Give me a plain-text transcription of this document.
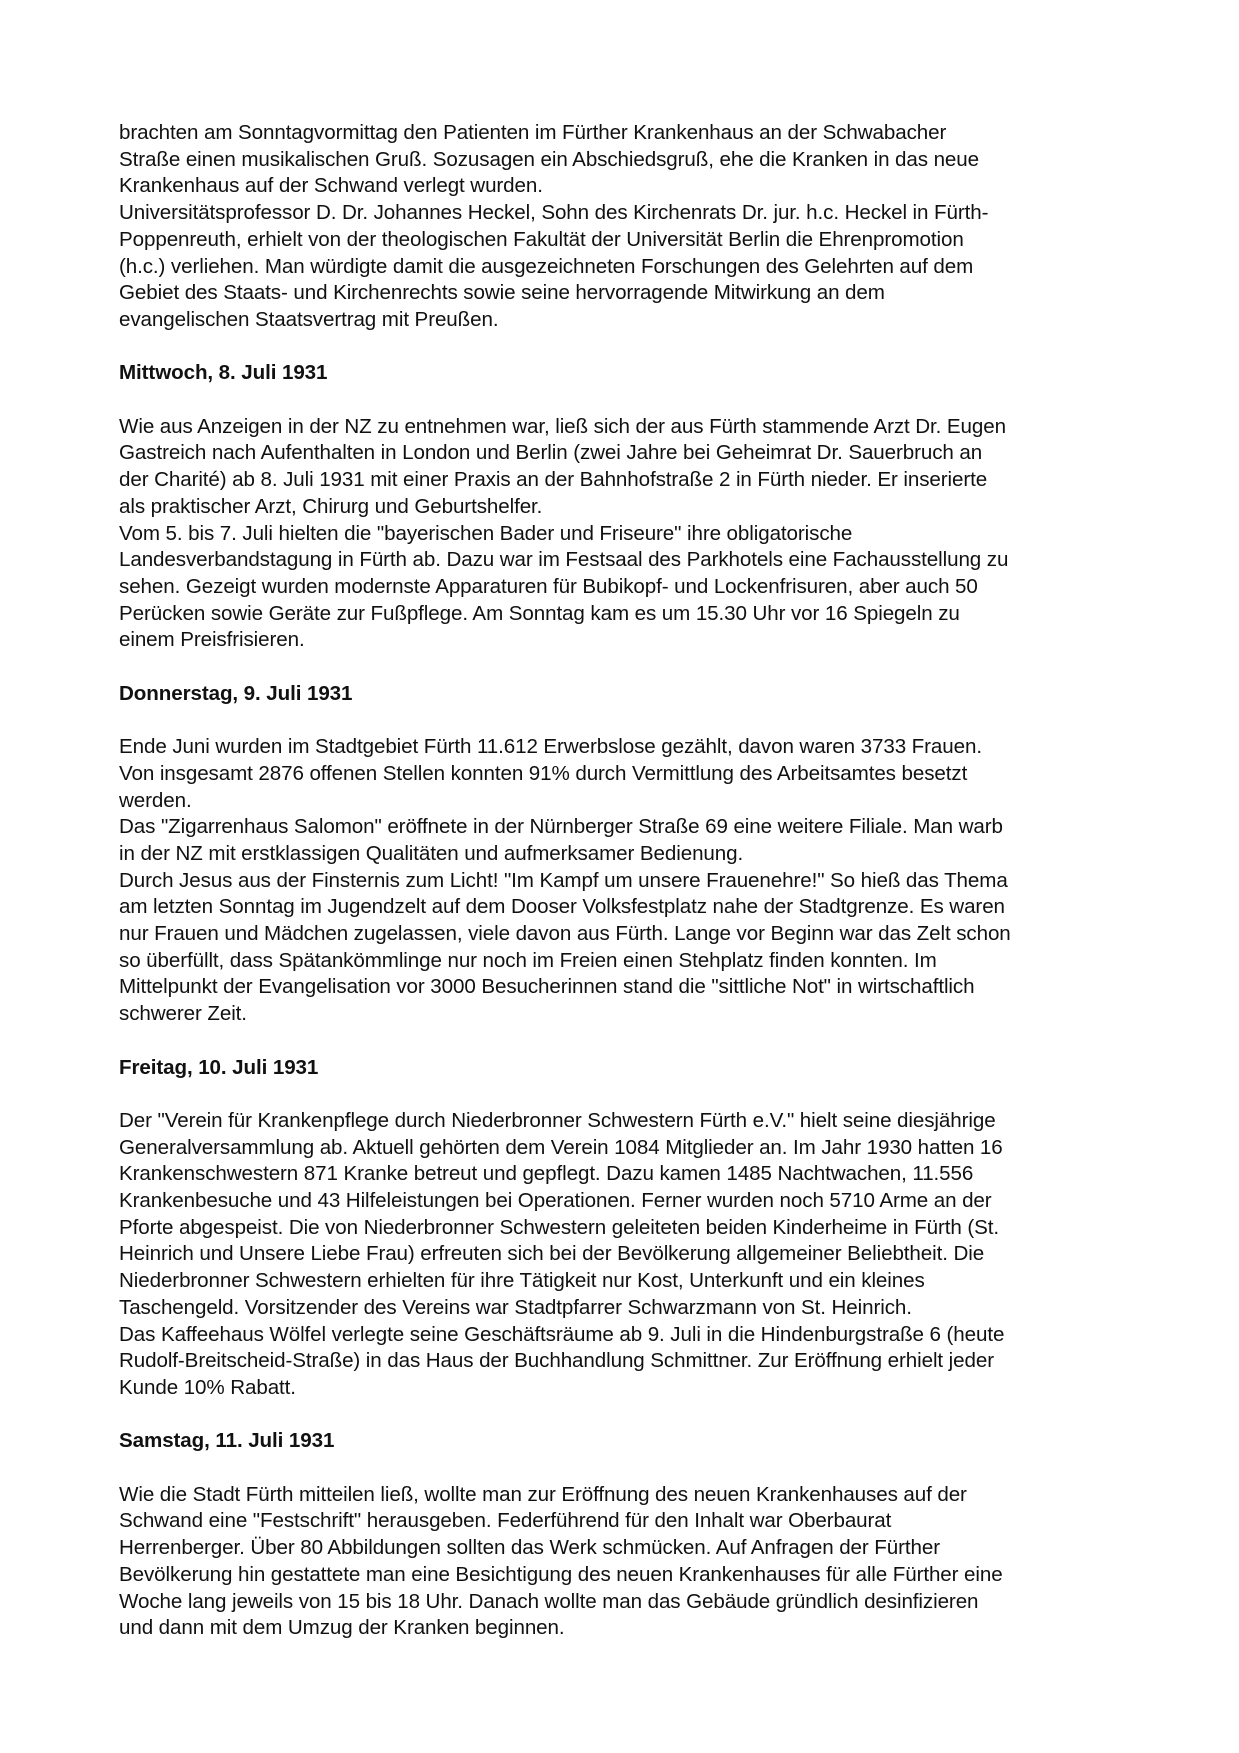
brachten am Sonntagvormittag den Patienten im Fürther Krankenhaus an der Schwabacher
Straße einen musikalischen Gruß. Sozusagen ein Abschiedsgruß, ehe die Kranken in das neue
Krankenhaus auf der Schwand verlegt wurden.
Universitätsprofessor D. Dr. Johannes Heckel, Sohn des Kirchenrats Dr. jur. h.c. Heckel in Fürth-
Poppenreuth, erhielt von der theologischen Fakultät der Universität Berlin die Ehrenpromotion
(h.c.) verliehen. Man würdigte damit die ausgezeichneten Forschungen des Gelehrten auf dem
Gebiet des Staats- und Kirchenrechts sowie seine hervorragende Mitwirkung an dem
evangelischen Staatsvertrag mit Preußen.
Mittwoch, 8. Juli 1931
Wie aus Anzeigen in der NZ zu entnehmen war, ließ sich der aus Fürth stammende Arzt Dr. Eugen
Gastreich nach Aufenthalten in London und Berlin (zwei Jahre bei Geheimrat Dr. Sauerbruch an
der Charité) ab 8. Juli 1931 mit einer Praxis an der Bahnhofstraße 2 in Fürth nieder. Er inserierte
als praktischer Arzt, Chirurg und Geburtshelfer.
Vom 5. bis 7. Juli hielten die "bayerischen Bader und Friseure" ihre obligatorische
Landesverbandstagung in Fürth ab. Dazu war im Festsaal des Parkhotels eine Fachausstellung zu
sehen. Gezeigt wurden modernste Apparaturen für Bubikopf- und Lockenfrisuren, aber auch 50
Perücken sowie Geräte zur Fußpflege. Am Sonntag kam es um 15.30 Uhr vor 16 Spiegeln zu
einem Preisfrisieren.
Donnerstag, 9. Juli 1931
Ende Juni wurden im Stadtgebiet Fürth 11.612 Erwerbslose gezählt, davon waren 3733 Frauen.
Von insgesamt 2876 offenen Stellen konnten 91% durch Vermittlung des Arbeitsamtes besetzt
werden.
Das "Zigarrenhaus Salomon" eröffnete in der Nürnberger Straße 69 eine weitere Filiale. Man warb
in der NZ mit erstklassigen Qualitäten und aufmerksamer Bedienung.
Durch Jesus aus der Finsternis zum Licht! "Im Kampf um unsere Frauenehre!" So hieß das Thema
am letzten Sonntag im Jugendzelt auf dem Dooser Volksfestplatz nahe der Stadtgrenze. Es waren
nur Frauen und Mädchen zugelassen, viele davon aus Fürth. Lange vor Beginn war das Zelt schon
so überfüllt, dass Spätankömmlinge nur noch im Freien einen Stehplatz finden konnten. Im
Mittelpunkt der Evangelisation vor 3000 Besucherinnen stand die "sittliche Not" in wirtschaftlich
schwerer Zeit.
Freitag, 10. Juli 1931
Der "Verein für Krankenpflege durch Niederbronner Schwestern Fürth e.V." hielt seine diesjährige
Generalversammlung ab. Aktuell gehörten dem Verein 1084 Mitglieder an. Im Jahr 1930 hatten 16
Krankenschwestern 871 Kranke betreut und gepflegt. Dazu kamen 1485 Nachtwachen, 11.556
Krankenbesuche und 43 Hilfeleistungen bei Operationen. Ferner wurden noch 5710 Arme an der
Pforte abgespeist. Die von Niederbronner Schwestern geleiteten beiden Kinderheime in Fürth (St.
Heinrich und Unsere Liebe Frau) erfreuten sich bei der Bevölkerung allgemeiner Beliebtheit. Die
Niederbronner Schwestern erhielten für ihre Tätigkeit nur Kost, Unterkunft und ein kleines
Taschengeld. Vorsitzender des Vereins war Stadtpfarrer Schwarzmann von St. Heinrich.
Das Kaffeehaus Wölfel verlegte seine Geschäftsräume ab 9. Juli in die Hindenburgstraße 6 (heute
Rudolf-Breitscheid-Straße) in das Haus der Buchhandlung Schmittner. Zur Eröffnung erhielt jeder
Kunde 10% Rabatt.
Samstag, 11. Juli 1931
Wie die Stadt Fürth mitteilen ließ, wollte man zur Eröffnung des neuen Krankenhauses auf der
Schwand eine "Festschrift" herausgeben. Federführend für den Inhalt war Oberbaurat
Herrenberger. Über 80 Abbildungen sollten das Werk schmücken. Auf Anfragen der Fürther
Bevölkerung hin gestattete man eine Besichtigung des neuen Krankenhauses für alle Fürther eine
Woche lang jeweils von 15 bis 18 Uhr. Danach wollte man das Gebäude gründlich desinfizieren
und dann mit dem Umzug der Kranken beginnen.
